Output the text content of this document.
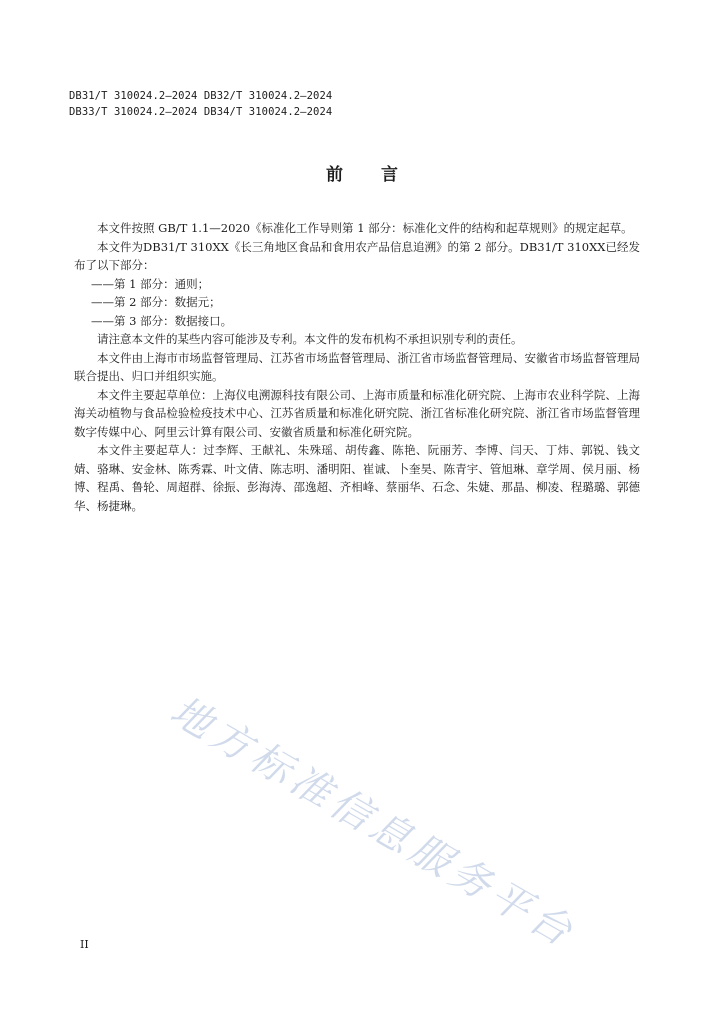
DB31/T 310024.2—2024 DB32/T 310024.2—2024
DB33/T 310024.2—2024 DB34/T 310024.2—2024
前 言

本文件按照 GB/T 1.1—2020《标准化工作导则第 1 部分：标准化文件的结构和起草规则》的规定起草。

本文件为DB31/T 310XX《长三角地区食品和食用农产品信息追溯》的第 2 部分。DB31/T 310XX已经发布了以下部分：

——第 1 部分：通则；

——第 2 部分：数据元；

——第 3 部分：数据接口。

请注意本文件的某些内容可能涉及专利。本文件的发布机构不承担识别专利的责任。

本文件由上海市市场监督管理局、江苏省市场监督管理局、浙江省市场监督管理局、安徽省市场监督管理局联合提出、归口并组织实施。

本文件主要起草单位：上海仪电溯源科技有限公司、上海市质量和标准化研究院、上海市农业科学院、上海海关动植物与食品检验检疫技术中心、江苏省质量和标准化研究院、浙江省标准化研究院、浙江省市场监督管理数字传媒中心、阿里云计算有限公司、安徽省质量和标准化研究院。

本文件主要起草人：过李辉、王献礼、朱殊瑶、胡传鑫、陈艳、阮丽芳、李博、闫天、丁炜、郭锐、钱文婧、骆琳、安金林、陈秀霖、叶文倩、陈志明、潘明阳、崔诚、卜奎昊、陈青宇、管旭琳、章学周、侯月丽、杨博、程禹、鲁轮、周超群、徐振、彭海涛、邵逸超、齐相峰、蔡丽华、石念、朱婕、那晶、柳凌、程璐璐、郭德华、杨捷琳。

地方标准信息服务平台
II
